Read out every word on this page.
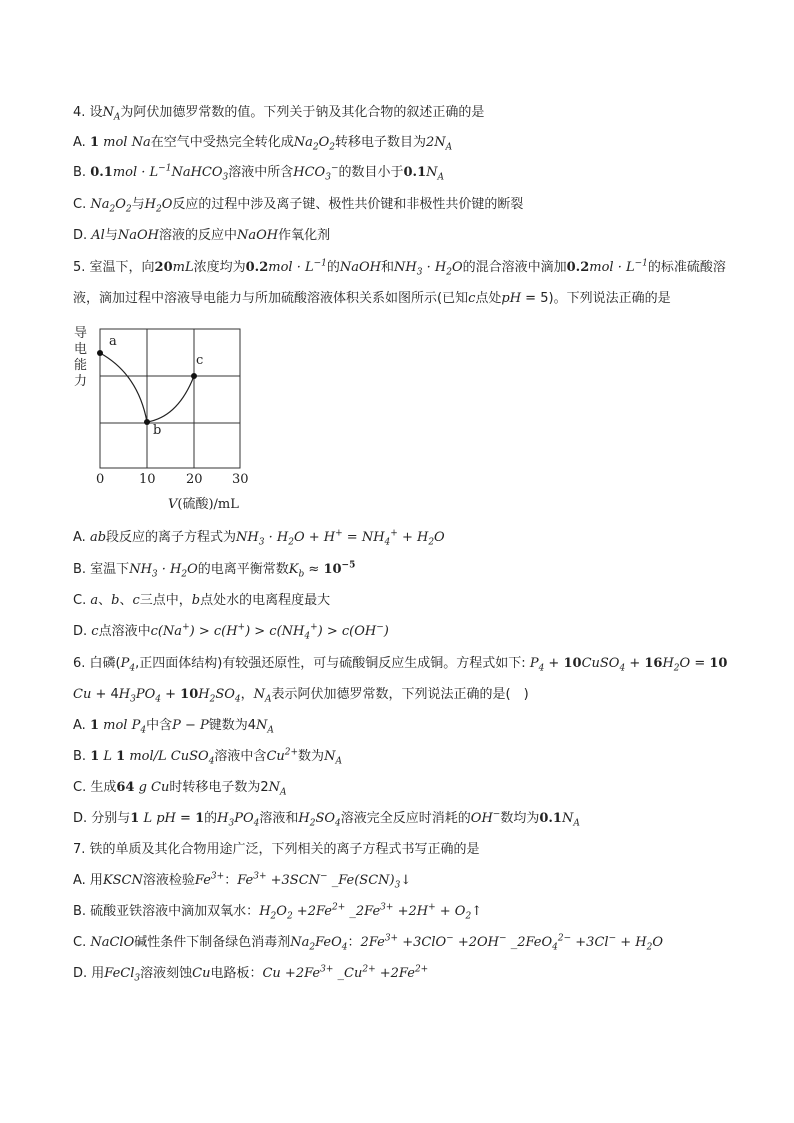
4. 设$N_A$为阿伏加德罗常数的值。下列关于钠及其化合物的叙述正确的是
A. 1 mol Na在空气中受热完全转化成$Na_2O_2$转移电子数目为$2N_A$
B. $0.1mol \cdot L^{-1}NaHCO_3$溶液中所含$HCO_3^-$的数目小于$0.1N_A$
C. $Na_2O_2$与$H_2O$反应的过程中涉及离子键、极性共价键和非极性共价键的断裂
D. Al与NaOH溶液的反应中NaOH作氧化剂
5. 室温下，向20mL浓度均为$0.2mol \cdot L^{-1}$的NaOH和$NH_3 \cdot H_2O$的混合溶液中滴加$0.2mol \cdot L^{-1}$的标准硫酸溶
液，滴加过程中溶液导电能力与所加硫酸溶液体积关系如图所示(已知c点处pH = 5)。下列说法正确的是
导
电
能
力
a
b
c
0	10 20 30
V(硫酸)/mL
A. ab段反应的离子方程式为$NH_3 \cdot H_2O + H^+ = NH_4^+ + H_2O$
B. 室温下$NH_3 \cdot H_2O$的电离平衡常数$K_b \approx 10^{-5}$
C. a、b、c三点中，b点处水的电离程度最大
D. c点溶液中$c(Na^+) > c(H^+) > c(NH_4^+) > c(OH^-)$
6. 白磷($P_4$,正四面体结构)有较强还原性，可与硫酸铜反应生成铜。方程式如下: $P_4$ + 10CuSO$_4$ + $16H_2O = 10$
$Cu + 4H_3PO_4 + 10H_2SO_4$，$N_A$表示阿伏加德罗常数，下列说法正确的是(　)
A. 1 mol $P_4$中含P − P键数为$4N_A$
B. 1 L 1 mol/L CuSO$_4$溶液中含$Cu^{2+}$数为$N_A$
C. 生成64 g Cu时转移电子数为$2N_A$
D. 分别与1 L pH = 1的$H_3PO_4$溶液和$H_2SO_4$溶液完全反应时消耗的OH−数均为$0.1N_A$
7. 铁的单质及其化合物用途广泛，下列相关的离子方程式书写正确的是
A. 用KSCN溶液检验$Fe^{3+}$：$Fe^{3+} +3SCN^-$ $\_Fe(SCN)_3↓$
B. 硫酸亚铁溶液中滴加双氧水：$H_2O_2 +2Fe^{2+}$ $\_2Fe^{3+} +2H^+$ + $O_2↑$
C. NaClO碱性条件下制备绿色消毒剂$Na_2FeO_4$：$2Fe^{3+} +3ClO^- +2OH^-$ _2FeO$_4^{2-}$ $+3Cl^- + H_2O$
D. 用FeCl$_3$溶液刻蚀Cu电路板：$Cu +2Fe^{3+}$ $\_Cu^{2+} +2Fe^{2+}$
